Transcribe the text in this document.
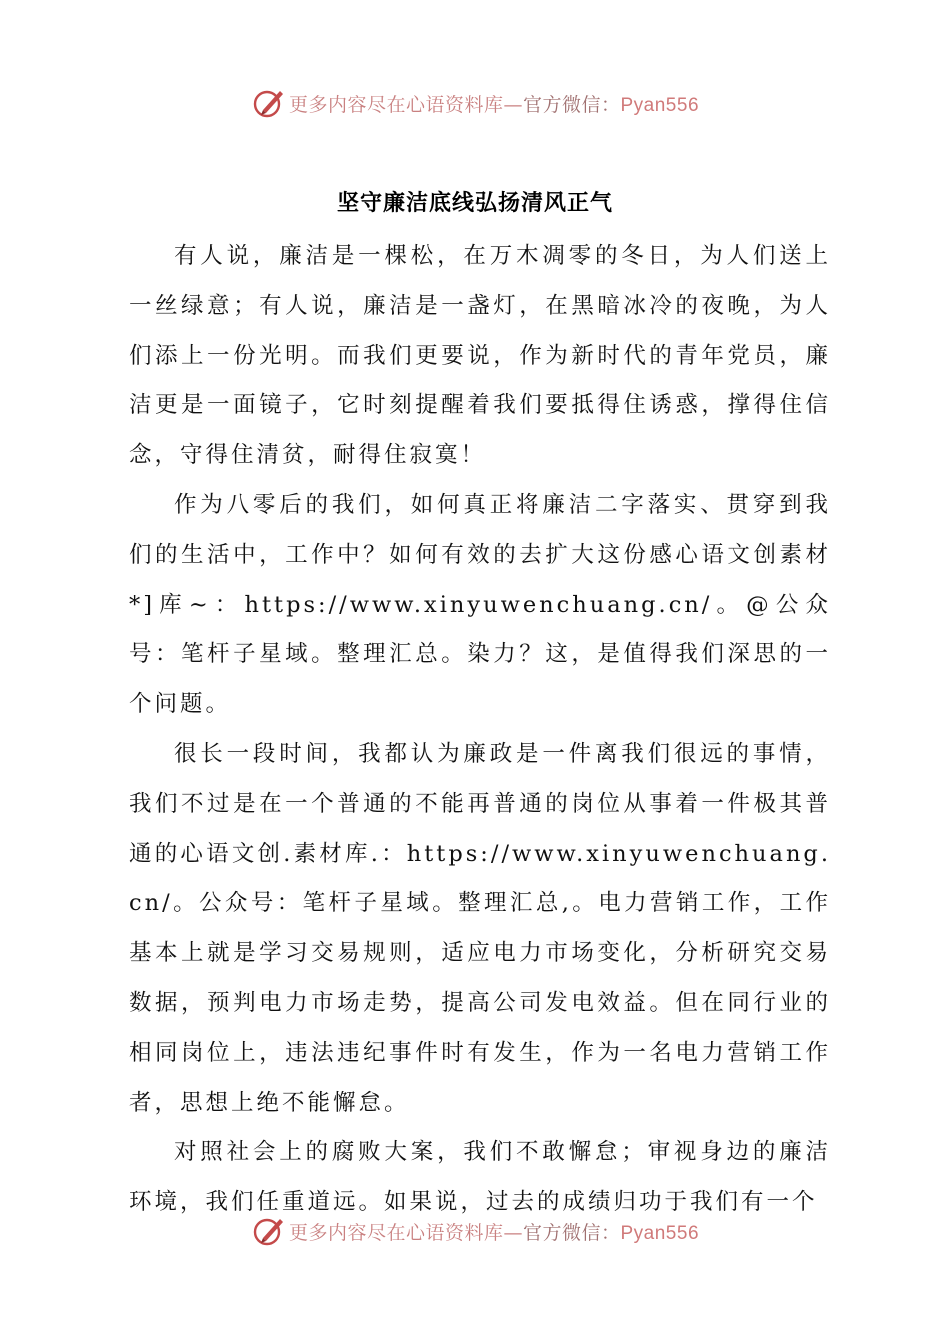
更多内容尽在心语资料库—官方微信：Pyan556
坚守廉洁底线弘扬清风正气

有人说，廉洁是一棵松，在万木凋零的冬日，为人们送上一丝绿意；有人说，廉洁是一盏灯，在黑暗冰冷的夜晚，为人们添上一份光明。而我们更要说，作为新时代的青年党员，廉洁更是一面镜子，它时刻提醒着我们要抵得住诱惑，撑得住信念，守得住清贫，耐得住寂寞！

作为八零后的我们，如何真正将廉洁二字落实、贯穿到我们的生活中，工作中？如何有效的去扩大这份感心语文创素材*]库~：https://www.xinyuwenchuang.cn/。@公众号：笔杆子星域。整理汇总。染力？这，是值得我们深思的一个问题。

很长一段时间，我都认为廉政是一件离我们很远的事情，我们不过是在一个普通的不能再普通的岗位从事着一件极其普通的心语文创.素材库.：https://www.xinyuwenchuang.cn/。公众号：笔杆子星域。整理汇总,。电力营销工作，工作基本上就是学习交易规则，适应电力市场变化，分析研究交易数据，预判电力市场走势，提高公司发电效益。但在同行业的相同岗位上，违法违纪事件时有发生，作为一名电力营销工作者，思想上绝不能懈怠。

对照社会上的腐败大案，我们不敢懈怠；审视身边的廉洁环境，我们任重道远。如果说，过去的成绩归功于我们有一个

更多内容尽在心语资料库—官方微信：Pyan556
